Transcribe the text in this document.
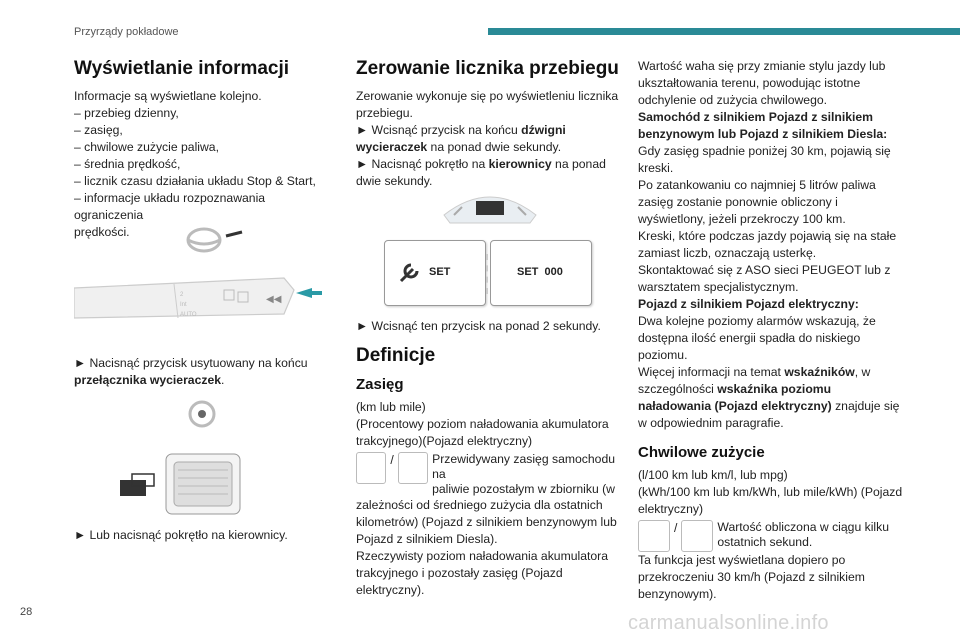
Przyrządy pokładowe
28	carmanualsonline.info

Wyświetlanie informacji

Informacje są wyświetlane kolejno.

– przebieg dzienny,

– zasięg,

– chwilowe zużycie paliwa,

– średnia prędkość,

– licznik czasu działania układu Stop & Start,

– informacje układu rozpoznawania ograniczenia

prędkości.

2
Int
AUTO
◀◀

► Nacisnąć przycisk usytuowany na końcu

przełącznika wycieraczek.

► Lub nacisnąć pokrętło na kierownicy.

Zerowanie licznika przebiegu

Zerowanie wykonuje się po wyświetleniu licznika przebiegu.

► Wcisnąć przycisk na końcu dźwigni wycieraczek na ponad dwie sekundy.

► Nacisnąć pokrętło na kierownicy na ponad dwie sekundy.

SET	SET  000

► Wcisnąć ten przycisk na ponad 2 sekundy.

Definicje

Zasięg

(km lub mile)

(Procentowy poziom naładowania akumulatora trakcyjnego)(Pojazd elektryczny)

/	Przewidywany zasięg samochodu na
paliwie pozostałym w zbiorniku (w

zależności od średniego zużycia dla ostatnich kilometrów) (Pojazd z silnikiem benzynowym lub Pojazd z silnikiem Diesla).

Rzeczywisty poziom naładowania akumulatora trakcyjnego i pozostały zasięg (Pojazd elektryczny).

Wartość waha się przy zmianie stylu jazdy lub ukształtowania terenu, powodując istotne odchylenie od zużycia chwilowego.

Samochód z silnikiem Pojazd z silnikiem benzynowym lub Pojazd z silnikiem Diesla:

Gdy zasięg spadnie poniżej 30 km, pojawią się kreski.

Po zatankowaniu co najmniej 5 litrów paliwa zasięg zostanie ponownie obliczony i wyświetlony, jeżeli przekroczy 100 km.

Kreski, które podczas jazdy pojawią się na stałe zamiast liczb, oznaczają usterkę.

Skontaktować się z ASO sieci PEUGEOT lub z warsztatem specjalistycznym.

Pojazd z silnikiem Pojazd elektryczny:

Dwa kolejne poziomy alarmów wskazują, że dostępna ilość energii spadła do niskiego poziomu.

Więcej informacji na temat wskaźników, w szczególności wskaźnika poziomu naładowania (Pojazd elektryczny) znajduje się w odpowiednim paragrafie.

Chwilowe zużycie

(l/100 km lub km/l, lub mpg)

(kWh/100 km lub km/kWh, lub mile/kWh) (Pojazd elektryczny)

/	Wartość obliczona w ciągu kilku
ostatnich sekund.

Ta funkcja jest wyświetlana dopiero po przekroczeniu 30 km/h (Pojazd z silnikiem benzynowym).
